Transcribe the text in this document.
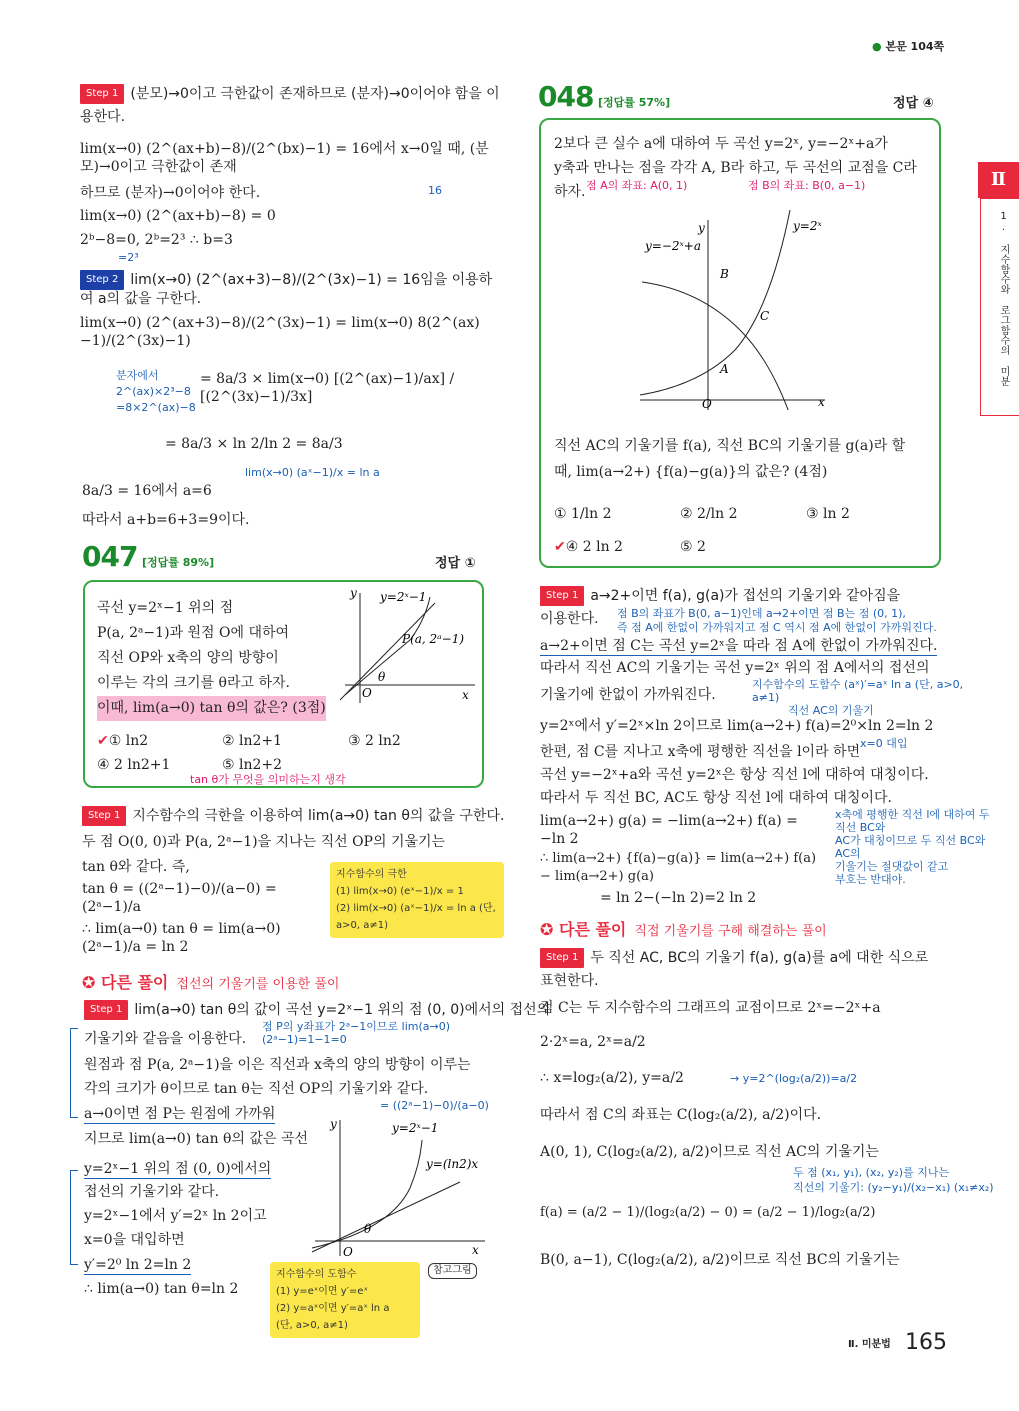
● 본문 104쪽
Ⅱ
1. 지수함수와 로그함수의 미분
Step 1 (분모)→0이고 극한값이 존재하므로 (분자)→0이어야 함을 이
용한다.
lim(x→0) (2^(ax+b)−8)/(2^(bx)−1) = 16에서 x→0일 때, (분모)→0이고 극한값이 존재
16
하므로 (분자)→0이어야 한다.
lim(x→0) (2^(ax+b)−8) = 0
2ᵇ−8=0, 2ᵇ=2³ ∴ b=3
=2³
Step 2 lim(x→0) (2^(ax+3)−8)/(2^(3x)−1) = 16임을 이용하여 a의 값을 구한다.
lim(x→0) (2^(ax+3)−8)/(2^(3x)−1) = lim(x→0) 8(2^(ax)−1)/(2^(3x)−1)
분자에서
2^(ax)×2³−8
=8×2^(ax)−8
= 8a/3 × lim(x→0) [(2^(ax)−1)/ax] / [(2^(3x)−1)/3x]
= 8a/3 × ln 2/ln 2 = 8a/3
lim(x→0) (aˣ−1)/x = ln a
8a/3 = 16에서 a=6
따라서 a+b=6+3=9이다.
047 [정답률 89%]	정답 ①
곡선 y=2ˣ−1 위의 점
P(a, 2ᵃ−1)과 원점 O에 대하여
직선 OP와 x축의 양의 방향이
이루는 각의 크기를 θ라고 하자.
이때, lim(a→0) tan θ의 값은? (3점)
y
x
O
y=2ˣ−1
P(a, 2ᵃ−1)
θ
✔① ln2	② ln2+1	③ 2 ln2
④ 2 ln2+1	⑤ ln2+2
tan θ가 무엇을 의미하는지 생각
Step 1 지수함수의 극한을 이용하여 lim(a→0) tan θ의 값을 구한다.
두 점 O(0, 0)과 P(a, 2ᵃ−1)을 지나는 직선 OP의 기울기는
tan θ와 같다. 즉,
tan θ = ((2ᵃ−1)−0)/(a−0) = (2ᵃ−1)/a
∴ lim(a→0) tan θ = lim(a→0) (2ᵃ−1)/a = ln 2
지수함수의 극한
(1) lim(x→0) (eˣ−1)/x = 1
(2) lim(x→0) (aˣ−1)/x = ln a (단, a>0, a≠1)
✪ 다른 풀이 접선의 기울기를 이용한 풀이
Step 1 lim(a→0) tan θ의 값이 곡선 y=2ˣ−1 위의 점 (0, 0)에서의 접선의
점 P의 y좌표가 2ᵃ−1이므로 lim(a→0)(2ᵃ−1)=1−1=0
기울기와 같음을 이용한다.
원점과 점 P(a, 2ᵃ−1)을 이은 직선과 x축의 양의 방향이 이루는
각의 크기가 θ이므로 tan θ는 직선 OP의 기울기와 같다.
= ((2ᵃ−1)−0)/(a−0)
a→0이면 점 P는 원점에 가까워
지므로 lim(a→0) tan θ의 값은 곡선
y=2ˣ−1 위의 점 (0, 0)에서의
접선의 기울기와 같다.
y=2ˣ−1에서 y′=2ˣ ln 2이고
x=0을 대입하면
y′=2⁰ ln 2=ln 2
∴ lim(a→0) tan θ=ln 2
y
x
O
y=2ˣ−1
y=(ln2)x
θ
참고그림
지수함수의 도함수
(1) y=eˣ이면 y′=eˣ
(2) y=aˣ이면 y′=aˣ ln a
(단, a>0, a≠1)
048 [정답률 57%]	정답 ④
2보다 큰 실수 a에 대하여 두 곡선 y=2ˣ, y=−2ˣ+a가
y축과 만나는 점을 각각 A, B라 하고, 두 곡선의 교점을 C라
하자. 점 A의 좌표: A(0, 1)	점 B의 좌표: B(0, a−1)
y
x
O
y=2ˣ
y=−2ˣ+a
B
C
A
직선 AC의 기울기를 f(a), 직선 BC의 기울기를 g(a)라 할
때, lim(a→2+) {f(a)−g(a)}의 값은? (4점)
① 1/ln 2	② 2/ln 2	③ ln 2
✔④ 2 ln 2	⑤ 2
Step 1 a→2+이면 f(a), g(a)가 접선의 기울기와 같아짐을
이용한다. 점 B의 좌표가 B(0, a−1)인데 a→2+이면 점 B는 점 (0, 1),
즉 점 A에 한없이 가까워지고 점 C 역시 점 A에 한없이 가까워진다.
a→2+이면 점 C는 곡선 y=2ˣ을 따라 점 A에 한없이 가까워진다.
따라서 직선 AC의 기울기는 곡선 y=2ˣ 위의 점 A에서의 접선의
기울기에 한없이 가까워진다.
지수함수의 도함수 (aˣ)′=aˣ ln a (단, a>0, a≠1)
직선 AC의 기울기
y=2ˣ에서 y′=2ˣ×ln 2이므로 lim(a→2+) f(a)=2⁰×ln 2=ln 2
x=0 대입
한편, 점 C를 지나고 x축에 평행한 직선을 l이라 하면
곡선 y=−2ˣ+a와 곡선 y=2ˣ은 항상 직선 l에 대하여 대칭이다.
따라서 두 직선 BC, AC도 항상 직선 l에 대하여 대칭이다.
lim(a→2+) g(a) = −lim(a→2+) f(a) = −ln 2
x축에 평행한 직선 l에 대하여 두 직선 BC와
AC가 대칭이므로 두 직선 BC와 AC의
기울기는 절댓값이 같고
부호는 반대야.
∴ lim(a→2+) {f(a)−g(a)} = lim(a→2+) f(a) − lim(a→2+) g(a)
= ln 2−(−ln 2)=2 ln 2
✪ 다른 풀이 직접 기울기를 구해 해결하는 풀이
Step 1 두 직선 AC, BC의 기울기 f(a), g(a)를 a에 대한 식으로
표현한다.
점 C는 두 지수함수의 그래프의 교점이므로 2ˣ=−2ˣ+a
2·2ˣ=a, 2ˣ=a/2
∴ x=log₂(a/2), y=a/2	→ y=2^(log₂(a/2))=a/2
따라서 점 C의 좌표는 C(log₂(a/2), a/2)이다.
A(0, 1), C(log₂(a/2), a/2)이므로 직선 AC의 기울기는
두 점 (x₁, y₁), (x₂, y₂)를 지나는
직선의 기울기: (y₂−y₁)/(x₂−x₁) (x₁≠x₂)
f(a) = (a/2 − 1)/(log₂(a/2) − 0) = (a/2 − 1)/log₂(a/2)
B(0, a−1), C(log₂(a/2), a/2)이므로 직선 BC의 기울기는
Ⅱ. 미분법 165
